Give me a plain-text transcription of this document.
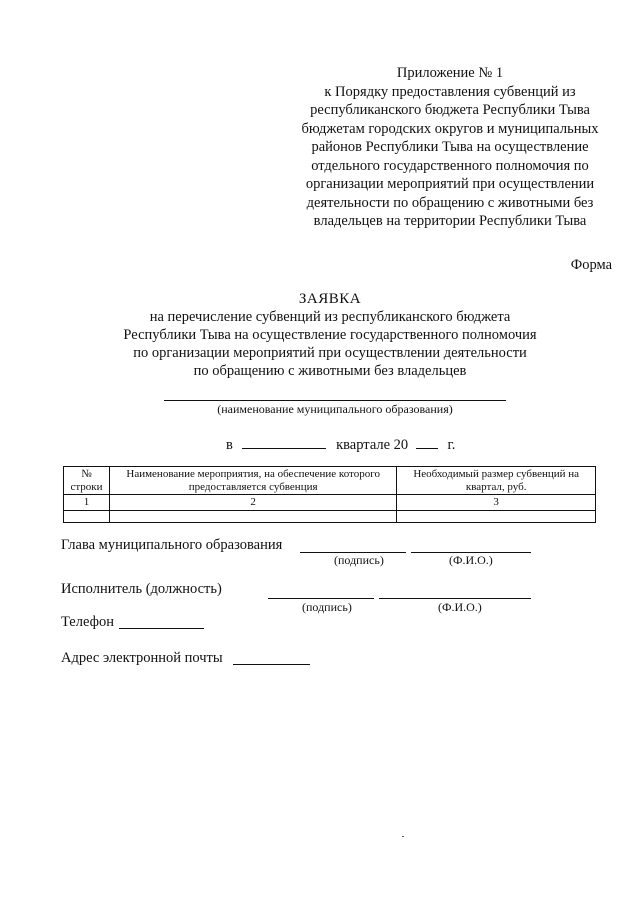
Приложение № 1
к Порядку предоставления субвенций из
республиканского бюджета Республики Тыва
бюджетам городских округов и муниципальных
районов Республики Тыва на осуществление
отдельного государственного полномочия по
организации мероприятий при осуществлении
деятельности по обращению с животными без
владельцев на территории Республики Тыва
Форма
ЗАЯВКА
на перечисление субвенций из республиканского бюджета
Республики Тыва на осуществление государственного полномочия
по организации мероприятий при осуществлении деятельности
по обращению с животными без владельцев
(наименование муниципального образования)
в	квартале 20	г.
№ строки	Наименование мероприятия, на обеспечение которого предоставляется субвенция	Необходимый размер субвенций на квартал, руб.
1	2	3

Глава муниципального образования
(подпись)	(Ф.И.О.)
Исполнитель (должность)
(подпись)	(Ф.И.О.)
Телефон
Адрес электронной почты
